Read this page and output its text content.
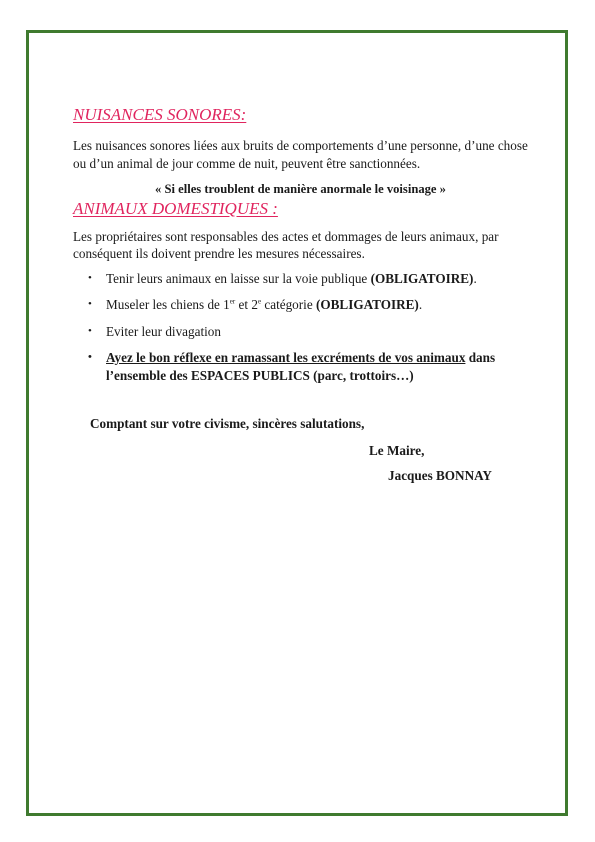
NUISANCES SONORES:

Les nuisances sonores liées aux bruits de comportements d’une personne, d’une chose ou d’un animal de jour comme de nuit, peuvent être sanctionnées.

« Si elles troublent de manière anormale le voisinage »

ANIMAUX DOMESTIQUES :

Les propriétaires sont responsables des actes et dommages de leurs animaux, par conséquent ils doivent prendre les mesures nécessaires.

• Tenir leurs animaux en laisse sur la voie publique (OBLIGATOIRE).
• Museler les chiens de 1er et 2e catégorie (OBLIGATOIRE).
• Eviter leur divagation
• Ayez le bon réflexe en ramassant les excréments de vos animaux dans l’ensemble des ESPACES PUBLICS (parc, trottoirs…)

Comptant sur votre civisme, sincères salutations,

Le Maire,

Jacques BONNAY
